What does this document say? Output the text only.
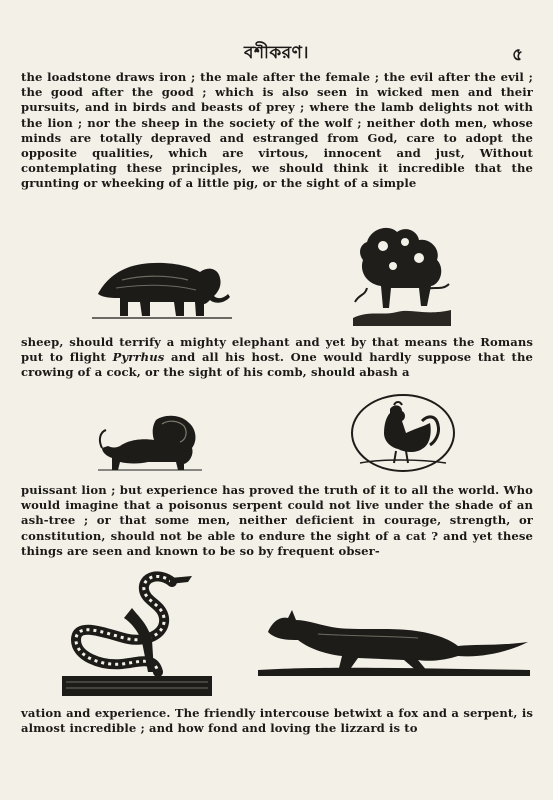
বশীকরণ।	৫
the loadstone draws iron ; the male after the female ; the evil after the evil ; the good after the good ; which is also seen in wicked men and their pursuits, and in birds and beasts of prey ; where the lamb delights not with the lion ; nor the sheep in the society of the wolf ; neither doth men, whose minds are totally depraved and estranged from God, care to adopt the opposite qualities, which are virtous, innocent and just, Without contemplating these principles, we should think it incredible that the grunting or wheeking of a little pig, or the sight of a simple
sheep, should terrify a mighty elephant and yet by that means the Romans put to flight Pyrrhus and all his host. One would hardly suppose that the crowing of a cock, or the sight of his comb, should abash a
puissant lion ; but experience has proved the truth of it to all the world. Who would imagine that a poisonus serpent could not live under the shade of an ash-tree ; or that some men, neither deficient in courage, strength, or constitution, should not be able to endure the sight of a cat ? and yet these things are seen and known to be so by frequent obser-
vation and experience. The friendly intercouse betwixt a fox and a serpent, is almost incredible ; and how fond and loving the lizzard is to
